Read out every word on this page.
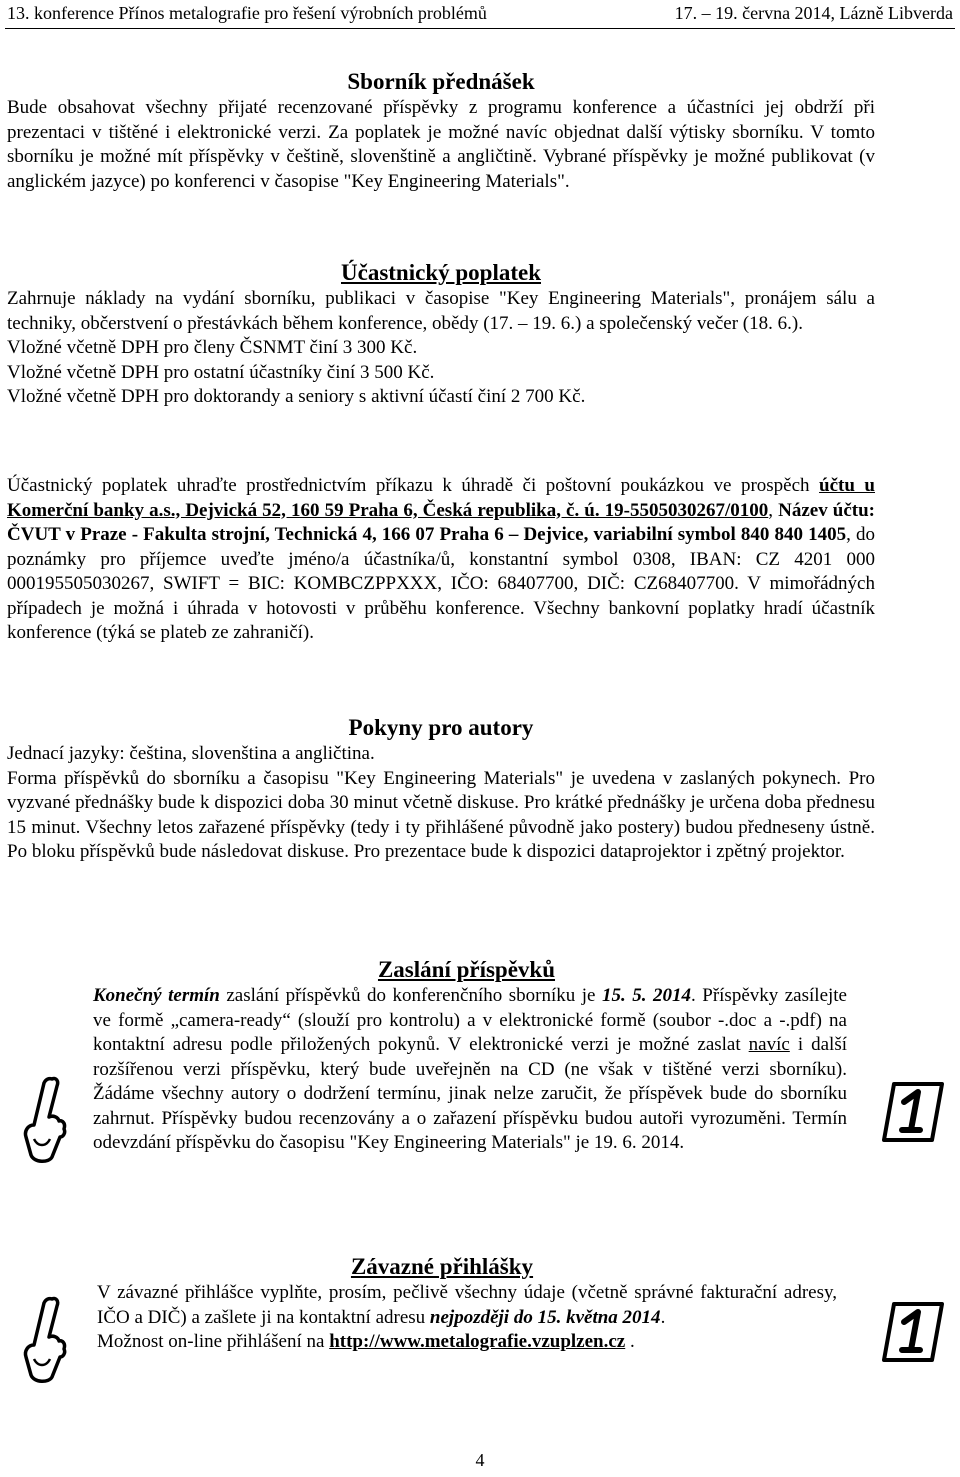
13. konference Přínos metalografie pro řešení výrobních problémů	17. – 19. června 2014, Lázně Libverda
Sborník přednášek

Bude obsahovat všechny přijaté recenzované příspěvky z programu konference a účastníci jej obdrží při prezentaci v tištěné i elektronické verzi. Za poplatek je možné navíc objednat další výtisky sborníku. V tomto sborníku je možné mít příspěvky v češtině, slovenštině a angličtině. Vybrané příspěvky je možné publikovat (v anglickém jazyce) po konferenci v časopise "Key Engineering Materials".

Účastnický poplatek

Zahrnuje náklady na vydání sborníku, publikaci v časopise "Key Engineering Materials", pronájem sálu a techniky, občerstvení o přestávkách během konference, obědy (17. – 19. 6.) a společenský večer (18. 6.).

Vložné včetně DPH pro členy ČSNMT činí 3 300 Kč.
Vložné včetně DPH pro ostatní účastníky činí 3 500 Kč.
Vložné včetně DPH pro doktorandy a seniory s aktivní účastí činí 2 700 Kč.

Účastnický poplatek uhraďte prostřednictvím příkazu k úhradě či poštovní poukázkou ve prospěch účtu u Komerční banky a.s., Dejvická 52, 160 59 Praha 6, Česká republika, č. ú. 19-5505030267/0100, Název účtu: ČVUT v Praze - Fakulta strojní, Technická 4, 166 07 Praha 6 – Dejvice, variabilní symbol 840 840 1405, do poznámky pro příjemce uveďte jméno/a účastníka/ů, konstantní symbol 0308, IBAN: CZ 4201 000 000195505030267, SWIFT = BIC: KOMBCZPPXXX, IČO: 68407700, DIČ: CZ68407700. V mimořádných případech je možná i úhrada v hotovosti v průběhu konference. Všechny bankovní poplatky hradí účastník konference (týká se plateb ze zahraničí).

Pokyny pro autory
Jednací jazyky: čeština, slovenština a angličtina.

Forma příspěvků do sborníku a časopisu "Key Engineering Materials" je uvedena v zaslaných pokynech. Pro vyzvané přednášky bude k dispozici doba 30 minut včetně diskuse. Pro krátké přednášky je určena doba přednesu 15 minut. Všechny letos zařazené příspěvky (tedy i ty přihlášené původně jako postery) budou předneseny ústně. Po bloku příspěvků bude následovat diskuse. Pro prezentace bude k dispozici dataprojektor i zpětný projektor.

Zaslání příspěvků

Konečný termín zaslání příspěvků do konferenčního sborníku je 15. 5. 2014. Příspěvky zasílejte ve formě „camera-ready“ (slouží pro kontrolu) a v elektronické formě (soubor -.doc a -.pdf) na kontaktní adresu podle přiložených pokynů. V elektronické verzi je možné zaslat navíc i další rozšířenou verzi příspěvku, který bude uveřejněn na CD (ne však v tištěné verzi sborníku). Žádáme všechny autory o dodržení termínu, jinak nelze zaručit, že příspěvek bude do sborníku zahrnut. Příspěvky budou recenzovány a o zařazení příspěvku budou autoři vyrozuměni. Termín odevzdání příspěvku do časopisu "Key Engineering Materials" je 19. 6. 2014.

Závazné přihlášky

V závazné přihlášce vyplňte, prosím, pečlivě všechny údaje (včetně správné fakturační adresy, IČO a DIČ) a zašlete ji na kontaktní adresu nejpozději do 15. května 2014.

Možnost on-line přihlášení na http://www.metalografie.vzuplzen.cz .
4
